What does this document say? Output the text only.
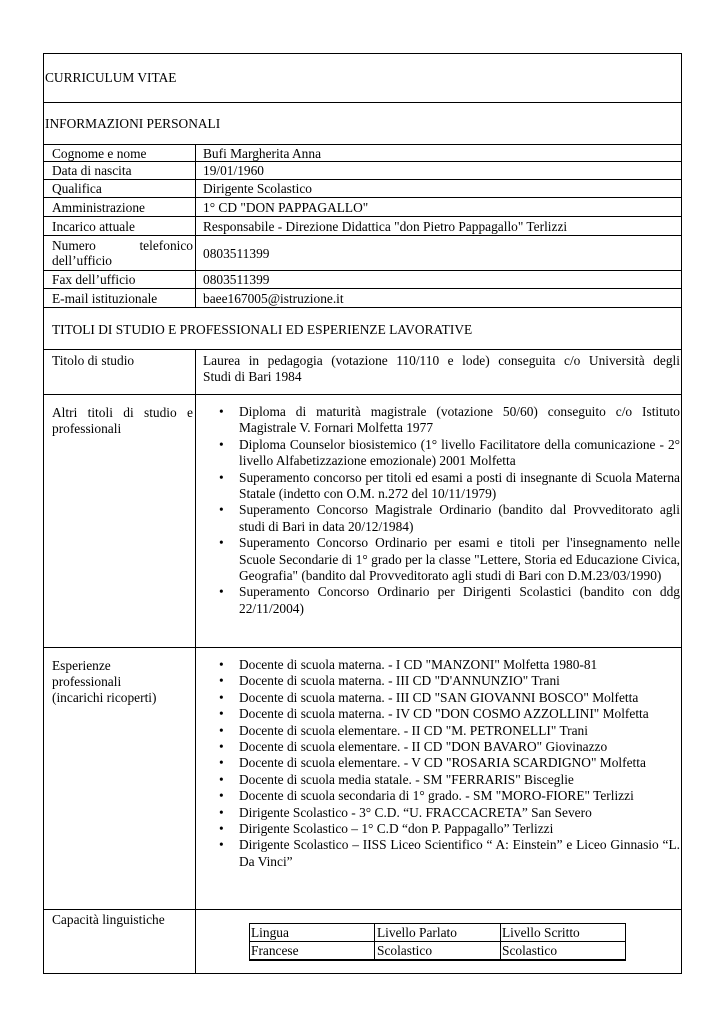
CURRICULUM VITAE
INFORMAZIONI PERSONALI
Cognome e nome	Bufi Margherita Anna
Data di nascita	19/01/1960
Qualifica	Dirigente Scolastico
Amministrazione	1° CD "DON PAPPAGALLO"
Incarico attuale	Responsabile - Direzione Didattica "don Pietro Pappagallo" Terlizzi
Numero telefonico
dell’ufficio	0803511399
Fax dell’ufficio	0803511399
E-mail istituzionale	baee167005@istruzione.it
TITOLI DI STUDIO E PROFESSIONALI ED ESPERIENZE LAVORATIVE
Titolo di studio	Laurea in pedagogia (votazione 110/110 e lode) conseguita c/o Università degli
Studi di Bari 1984
Altri titoli di studio e
professionali
• Diploma di maturità magistrale (votazione 50/60) conseguito c/o Istituto Magistrale V. Fornari Molfetta 1977
• Diploma Counselor biosistemico (1° livello Facilitatore della comunicazione - 2° livello Alfabetizzazione emozionale) 2001 Molfetta
• Superamento concorso per titoli ed esami a posti di insegnante di Scuola Materna Statale (indetto con O.M. n.272 del 10/11/1979)
• Superamento Concorso Magistrale Ordinario (bandito dal Provveditorato agli studi di Bari in data 20/12/1984)
• Superamento Concorso Ordinario per esami e titoli per l'insegnamento nelle Scuole Secondarie di 1° grado per la classe "Lettere, Storia ed Educazione Civica, Geografia" (bandito dal Provveditorato agli studi di Bari con D.M.23/03/1990)
• Superamento Concorso Ordinario per Dirigenti Scolastici (bandito con ddg 22/11/2004)
Esperienze
professionali
(incarichi ricoperti)
• Docente di scuola materna. - I CD "MANZONI" Molfetta 1980-81
• Docente di scuola materna. - III CD "D'ANNUNZIO" Trani
• Docente di scuola materna. - III CD "SAN GIOVANNI BOSCO" Molfetta
• Docente di scuola materna. - IV CD "DON COSMO AZZOLLINI" Molfetta
• Docente di scuola elementare. - II CD "M. PETRONELLI" Trani
• Docente di scuola elementare. - II CD "DON BAVARO" Giovinazzo
• Docente di scuola elementare. - V CD "ROSARIA SCARDIGNO" Molfetta
• Docente di scuola media statale. - SM "FERRARIS" Bisceglie
• Docente di scuola secondaria di 1° grado. - SM "MORO-FIORE" Terlizzi
• Dirigente Scolastico - 3° C.D. “U. FRACCACRETA” San Severo
• Dirigente Scolastico – 1° C.D “don P. Pappagallo” Terlizzi
• Dirigente Scolastico – IISS Liceo Scientifico “ A: Einstein” e Liceo Ginnasio “L. Da Vinci”
Capacità linguistiche
Lingua	Livello Parlato	Livello Scritto
Francese	Scolastico	Scolastico
